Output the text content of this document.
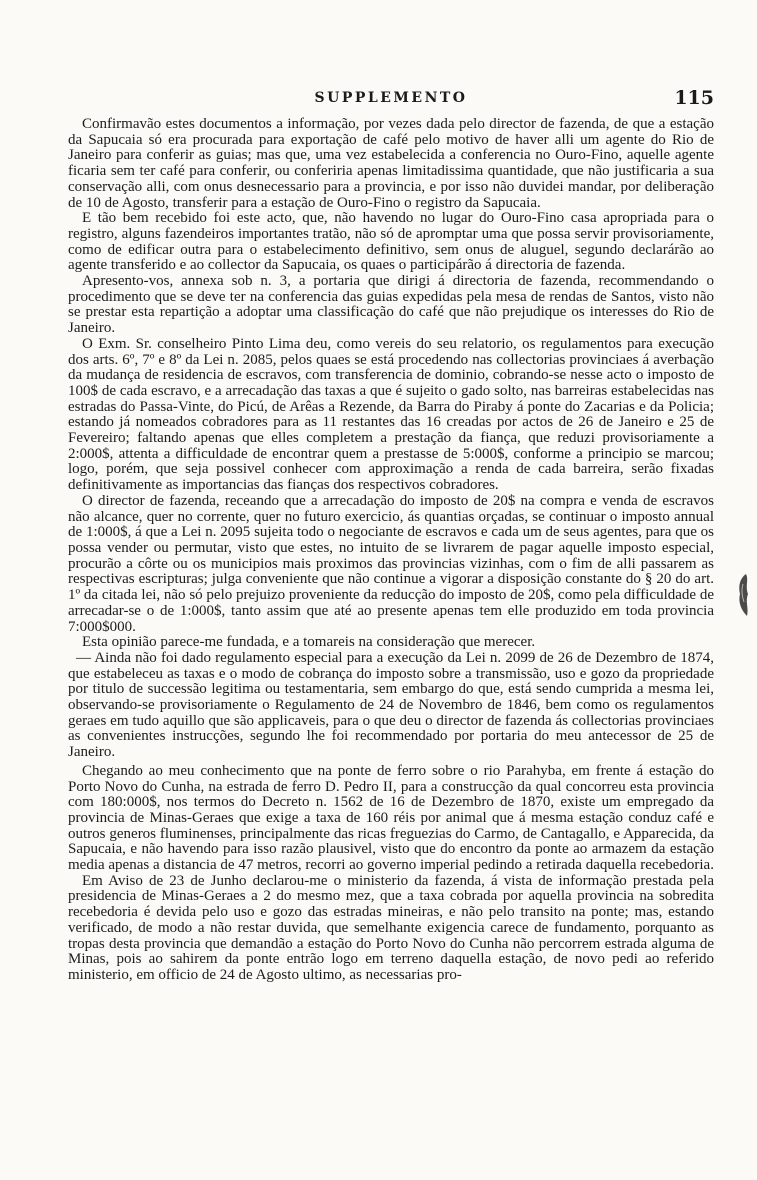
SUPPLEMENTO	115

Confirmavão estes documentos a informação, por vezes dada pelo director de fazenda, de que a estação da Sapucaia só era procurada para exportação de café pelo motivo de haver alli um agente do Rio de Janeiro para conferir as guias; mas que, uma vez estabelecida a conferencia no Ouro-Fino, aquelle agente ficaria sem ter café para conferir, ou conferiria apenas limitadissima quantidade, que não justificaria a sua conservação alli, com onus desnecessario para a provincia, e por isso não duvidei mandar, por deliberação de 10 de Agosto, transferir para a estação de Ouro-Fino o registro da Sapucaia.

E tão bem recebido foi este acto, que, não havendo no lugar do Ouro-Fino casa apropriada para o registro, alguns fazendeiros importantes tratão, não só de apromptar uma que possa servir provisoriamente, como de edificar outra para o estabelecimento definitivo, sem onus de aluguel, segundo declarárão ao agente transferido e ao collector da Sapucaia, os quaes o participárão á directoria de fazenda.

Apresento-vos, annexa sob n. 3, a portaria que dirigi á directoria de fazenda, recommendando o procedimento que se deve ter na conferencia das guias expedidas pela mesa de rendas de Santos, visto não se prestar esta repartição a adoptar uma classificação do café que não prejudique os interesses do Rio de Janeiro.

O Exm. Sr. conselheiro Pinto Lima deu, como vereis do seu relatorio, os regulamentos para execução dos arts. 6º, 7º e 8º da Lei n. 2085, pelos quaes se está procedendo nas collectorias provinciaes á averbação da mudança de residencia de escravos, com transferencia de dominio, cobrando-se nesse acto o imposto de 100$ de cada escravo, e a arrecadação das taxas a que é sujeito o gado solto, nas barreiras estabelecidas nas estradas do Passa-Vinte, do Picú, de Arêas a Rezende, da Barra do Piraby á ponte do Zacarias e da Policia; estando já nomeados cobradores para as 11 restantes das 16 creadas por actos de 26 de Janeiro e 25 de Fevereiro; faltando apenas que elles completem a prestação da fiança, que reduzi provisoriamente a 2:000$, attenta a difficuldade de encontrar quem a prestasse de 5:000$, conforme a principio se marcou; logo, porém, que seja possivel conhecer com approximação a renda de cada barreira, serão fixadas definitivamente as importancias das fianças dos respectivos cobradores.

O director de fazenda, receando que a arrecadação do imposto de 20$ na compra e venda de escravos não alcance, quer no corrente, quer no futuro exercicio, ás quantias orçadas, se continuar o imposto annual de 1:000$, á que a Lei n. 2095 sujeita todo o negociante de escravos e cada um de seus agentes, para que os possa vender ou permutar, visto que estes, no intuito de se livrarem de pagar aquelle imposto especial, procurão a côrte ou os municipios mais proximos das provincias vizinhas, com o fim de alli passarem as respectivas escripturas; julga conveniente que não continue a vigorar a disposição constante do § 20 do art. 1º da citada lei, não só pelo prejuizo proveniente da reducção do imposto de 20$, como pela difficuldade de arrecadar-se o de 1:000$, tanto assim que até ao presente apenas tem elle produzido em toda provincia 7:000$000.

Esta opinião parece-me fundada, e a tomareis na consideração que merecer.

— Ainda não foi dado regulamento especial para a execução da Lei n. 2099 de 26 de Dezembro de 1874, que estabeleceu as taxas e o modo de cobrança do imposto sobre a transmissão, uso e gozo da propriedade por titulo de successão legitima ou testamentaria, sem embargo do que, está sendo cumprida a mesma lei, observando-se provisoriamente o Regulamento de 24 de Novembro de 1846, bem como os regulamentos geraes em tudo aquillo que são applicaveis, para o que deu o director de fazenda ás collectorias provinciaes as convenientes instrucções, segundo lhe foi recommendado por portaria do meu antecessor de 25 de Janeiro.

Chegando ao meu conhecimento que na ponte de ferro sobre o rio Parahyba, em frente á estação do Porto Novo do Cunha, na estrada de ferro D. Pedro II, para a construcção da qual concorreu esta provincia com 180:000$, nos termos do Decreto n. 1562 de 16 de Dezembro de 1870, existe um empregado da provincia de Minas-Geraes que exige a taxa de 160 réis por animal que á mesma estação conduz café e outros generos fluminenses, principalmente das ricas freguezias do Carmo, de Cantagallo, e Apparecida, da Sapucaia, e não havendo para isso razão plausivel, visto que do encontro da ponte ao armazem da estação media apenas a distancia de 47 metros, recorri ao governo imperial pedindo a retirada daquella recebedoria.

Em Aviso de 23 de Junho declarou-me o ministerio da fazenda, á vista de informação prestada pela presidencia de Minas-Geraes a 2 do mesmo mez, que a taxa cobrada por aquella provincia na sobredita recebedoria é devida pelo uso e gozo das estradas mineiras, e não pelo transito na ponte; mas, estando verificado, de modo a não restar duvida, que semelhante exigencia carece de fundamento, porquanto as tropas desta provincia que demandão a estação do Porto Novo do Cunha não percorrem estrada alguma de Minas, pois ao sahirem da ponte entrão logo em terreno daquella estação, de novo pedi ao referido ministerio, em officio de 24 de Agosto ultimo, as necessarias pro-
